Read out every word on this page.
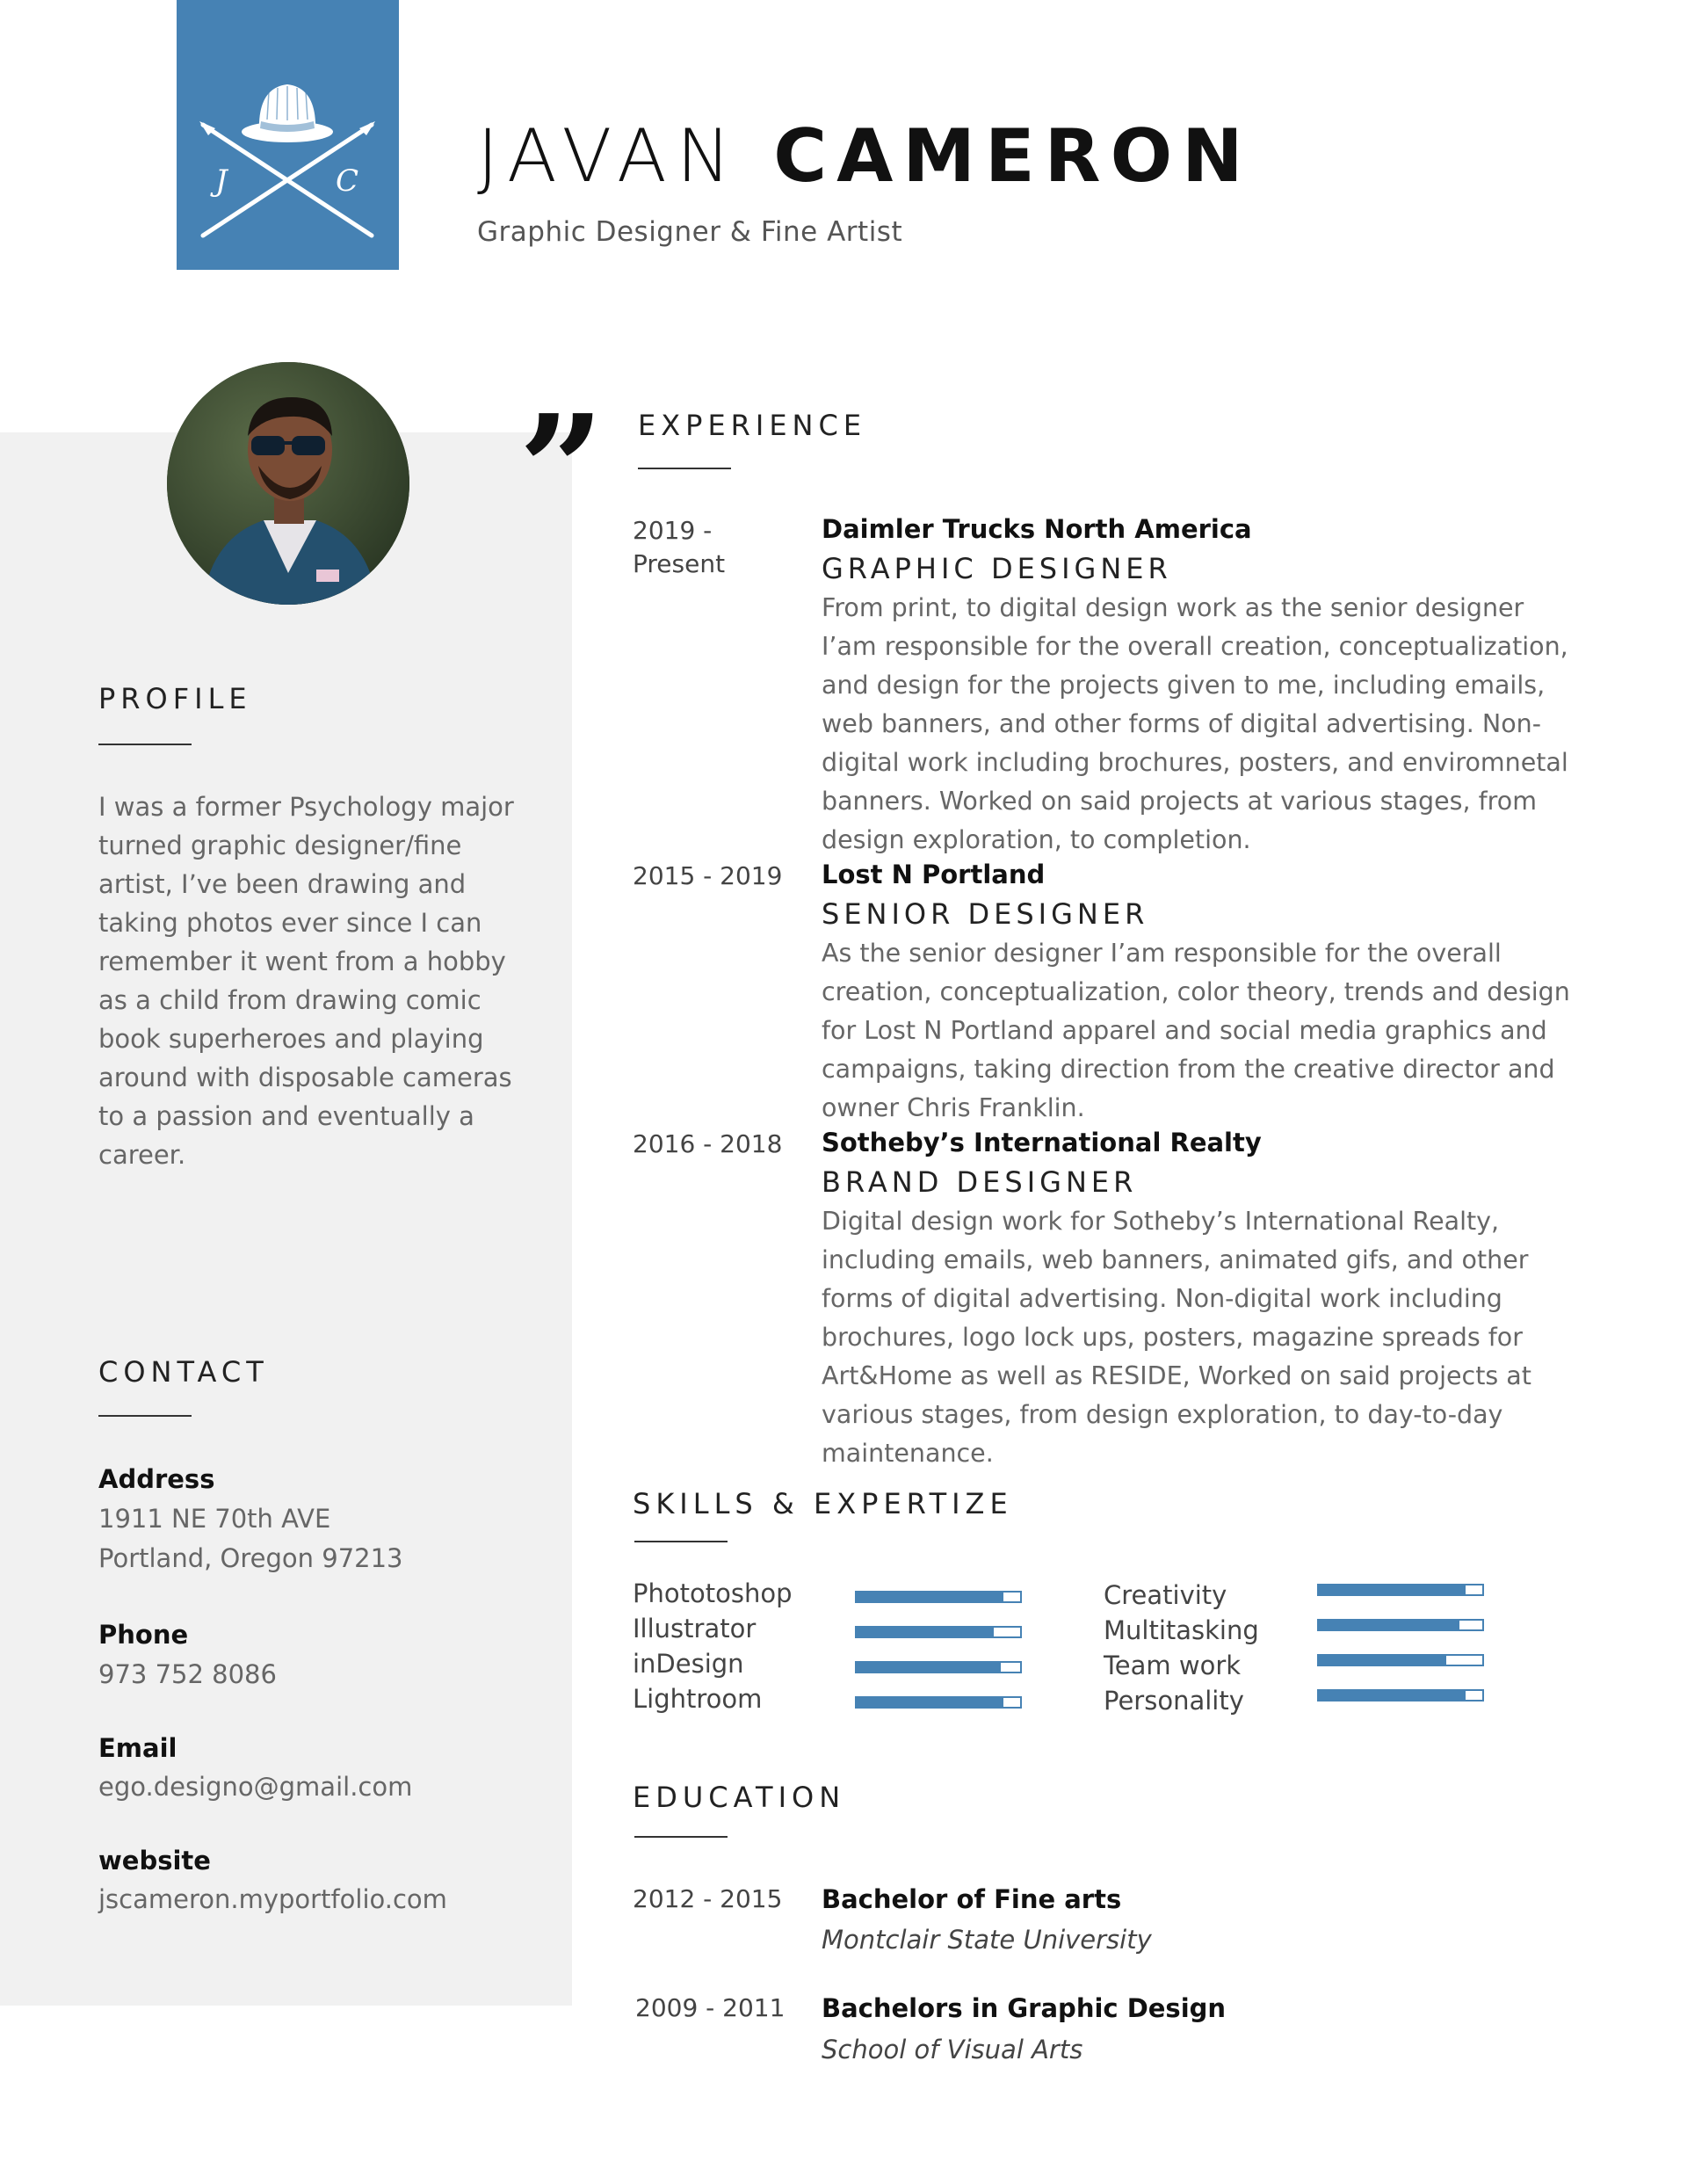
J	C JAVAN CAMERON
Graphic Designer & Fine Artist
”
PROFILE
I was a former Psychology major turned graphic designer/fine artist, I’ve been drawing and taking photos ever since I can remember it went from a hobby as a child from drawing comic book superheroes and playing around with disposable cameras to a passion and eventually a career.
CONTACT
Address
1911 NE 70th AVE
Portland, Oregon 97213
Phone
973 752 8086
Email
ego.designo@gmail.com
website
jscameron.myportfolio.com
EXPERIENCE
2019 -
Present
Daimler Trucks North America
GRAPHIC DESIGNER
From print, to digital design work as the senior designer I’am responsible for the overall creation, conceptualization, and design for the projects given to me, including emails, web banners, and other forms of digital advertising. Non-digital work including brochures, posters, and enviromnetal banners. Worked on said projects at various stages, from design exploration, to completion.
2015 - 2019 Lost N Portland
SENIOR DESIGNER
As the senior designer I’am responsible for the overall creation, conceptualization, color theory, trends and design for Lost N Portland apparel and social media graphics and campaigns, taking direction from the creative director and owner Chris Franklin.
2016 - 2018 Sotheby’s International Realty
BRAND DESIGNER
Digital design work for Sotheby’s International Realty, including emails, web banners, animated gifs, and other forms of digital advertising. Non-digital work including brochures, logo lock ups, posters, magazine spreads for Art&Home as well as RESIDE, Worked on said projects at various stages, from design exploration, to day-to-day maintenance.
SKILLS & EXPERTIZE
Phototoshop
Illustrator
inDesign
Lightroom
Creativity
Multitasking
Team work
Personality
EDUCATION
2012 - 2015 Bachelor of Fine arts
Montclair State University
2009 - 2011 Bachelors in Graphic Design
School of Visual Arts
